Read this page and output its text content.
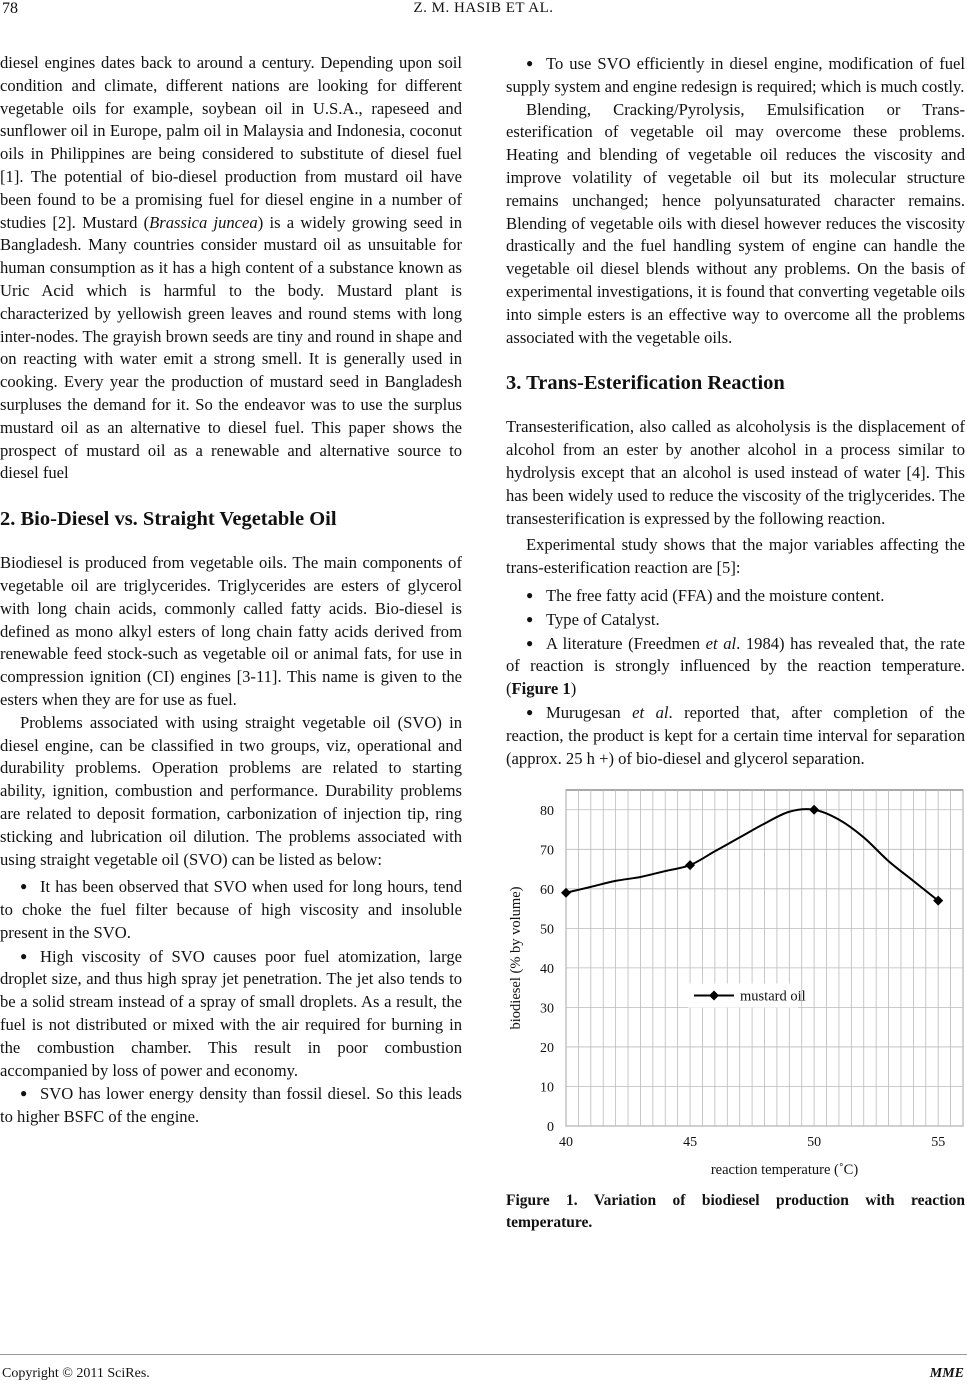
78	Z. M. HASIB ET AL.

diesel engines dates back to around a century. Depending upon soil condition and climate, different nations are looking for different vegetable oils for example, soybean oil in U.S.A., rapeseed and sunflower oil in Europe, palm oil in Malaysia and Indonesia, coconut oils in Philippines are being considered to substitute of diesel fuel [1]. The potential of bio-diesel production from mustard oil have been found to be a promising fuel for diesel engine in a number of studies [2]. Mustard (Brassica juncea) is a widely growing seed in Bangladesh. Many countries consider mustard oil as unsuitable for human consumption as it has a high content of a substance known as Uric Acid which is harmful to the body. Mustard plant is characterized by yellowish green leaves and round stems with long inter-nodes. The grayish brown seeds are tiny and round in shape and on reacting with water emit a strong smell. It is generally used in cooking. Every year the production of mustard seed in Bangladesh surpluses the demand for it. So the endeavor was to use the surplus mustard oil as an alternative to diesel fuel. This paper shows the prospect of mustard oil as a renewable and alternative source to diesel fuel

2. Bio-Diesel vs. Straight Vegetable Oil

Biodiesel is produced from vegetable oils. The main components of vegetable oil are triglycerides. Triglycerides are esters of glycerol with long chain acids, commonly called fatty acids. Bio-diesel is defined as mono alkyl esters of long chain fatty acids derived from renewable feed stock-such as vegetable oil or animal fats, for use in compression ignition (CI) engines [3-11]. This name is given to the esters when they are for use as fuel.

Problems associated with using straight vegetable oil (SVO) in diesel engine, can be classified in two groups, viz, operational and durability problems. Operation problems are related to starting ability, ignition, combustion and performance. Durability problems are related to deposit formation, carbonization of injection tip, ring sticking and lubrication oil dilution. The problems associated with using straight vegetable oil (SVO) can be listed as below:

● It has been observed that SVO when used for long hours, tend to choke the fuel filter because of high viscosity and insoluble present in the SVO.

● High viscosity of SVO causes poor fuel atomization, large droplet size, and thus high spray jet penetration. The jet also tends to be a solid stream instead of a spray of small droplets. As a result, the fuel is not distributed or mixed with the air required for burning in the combustion chamber. This result in poor combustion accompanied by loss of power and economy.

● SVO has lower energy density than fossil diesel. So this leads to higher BSFC of the engine.

● To use SVO efficiently in diesel engine, modification of fuel supply system and engine redesign is required; which is much costly.

Blending, Cracking/Pyrolysis, Emulsification or Trans-esterification of vegetable oil may overcome these problems. Heating and blending of vegetable oil reduces the viscosity and improve volatility of vegetable oil but its molecular structure remains unchanged; hence polyunsaturated character remains. Blending of vegetable oils with diesel however reduces the viscosity drastically and the fuel handling system of engine can handle the vegetable oil diesel blends without any problems. On the basis of experimental investigations, it is found that converting vegetable oils into simple esters is an effective way to overcome all the problems associated with the vegetable oils.

3. Trans-Esterification Reaction

Transesterification, also called as alcoholysis is the displacement of alcohol from an ester by another alcohol in a process similar to hydrolysis except that an alcohol is used instead of water [4]. This has been widely used to reduce the viscosity of the triglycerides. The transesterification is expressed by the following reaction.

Experimental study shows that the major variables affecting the trans-esterification reaction are [5]:

● The free fatty acid (FFA) and the moisture content.

● Type of Catalyst.

● A literature (Freedmen et al. 1984) has revealed that, the rate of reaction is strongly influenced by the reaction temperature. (Figure 1)

● Murugesan et al. reported that, after completion of the reaction, the product is kept for a certain time interval for separation (approx. 25 h +) of bio-diesel and glycerol separation.

0
10
20
30
40
50
60
70
80
40	45	50	55
reaction temperature (˚C)
biodiesel (% by volume)	mustard oil
Figure 1. Variation of biodiesel production with reaction temperature.
Copyright © 2011 SciRes.	MME
